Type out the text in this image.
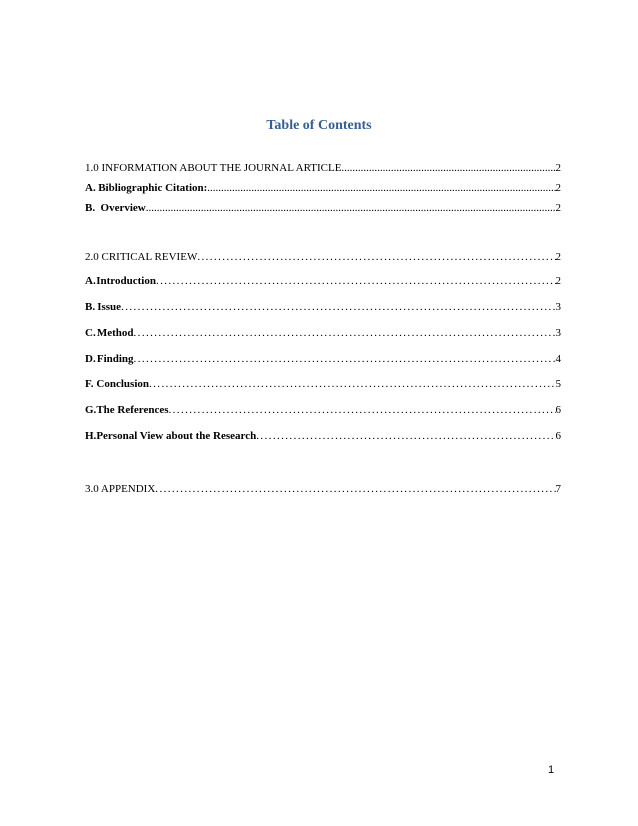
Table of Contents
1.0 INFORMATION ABOUT THE JOURNAL ARTICLE .....	2
A. Bibliographic Citation: .....	2
B. Overview .....	2
2.0 CRITICAL REVIEW .....	2
A. Introduction .....	2
B. Issue .....	3
C. Method .....	3
D. Finding .....	4
F. Conclusion .....	5
G. The References .....	6
H. Personal View about the Research .....	6
3.0 APPENDIX .....	7
1
